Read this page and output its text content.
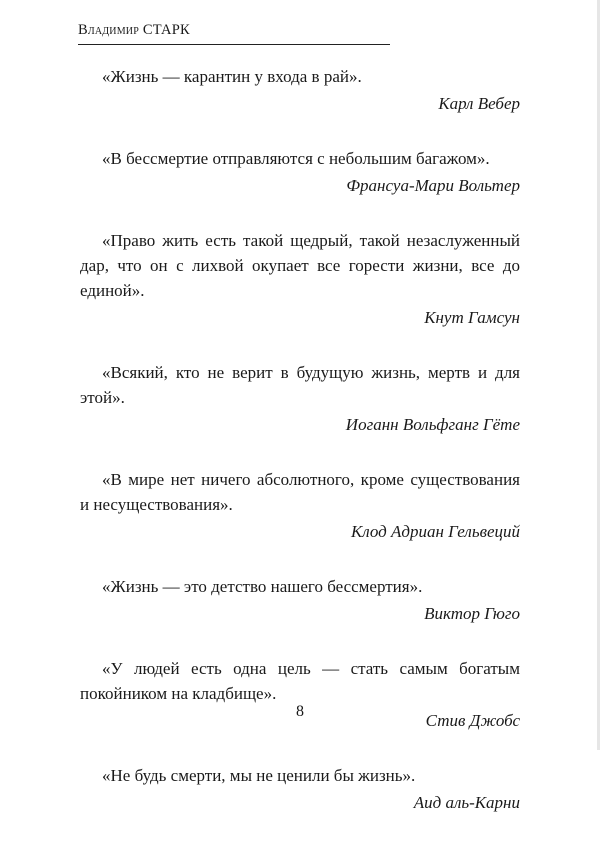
Владимир СТАРК

«Жизнь — карантин у входа в рай».

Карл Вебер

«В бессмертие отправляются с небольшим багажом».

Франсуа-Мари Вольтер

«Право жить есть такой щедрый, такой незаслуженный дар, что он с лихвой окупает все горести жизни, все до единой».

Кнут Гамсун

«Всякий, кто не верит в будущую жизнь, мертв и для этой».

Иоганн Вольфганг Гёте

«В мире нет ничего абсолютного, кроме существования и несуществования».

Клод Адриан Гельвеций

«Жизнь — это детство нашего бессмертия».

Виктор Гюго

«У людей есть одна цель — стать самым богатым покойником на кладбище».

Стив Джобс

«Не будь смерти, мы не ценили бы жизнь».

Аид аль-Карни

8
